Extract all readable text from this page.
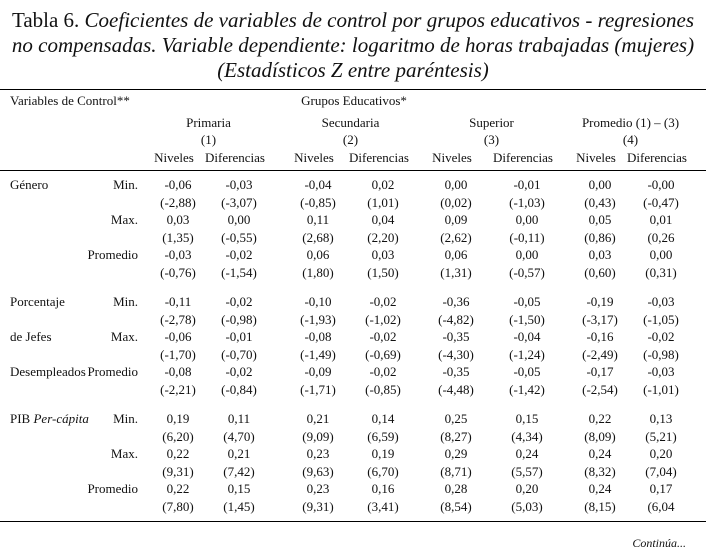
Tabla 6. Coeficientes de variables de control por grupos educativos - regresiones
no compensadas. Variable dependiente: logaritmo de horas trabajadas (mujeres)
(Estadísticos Z entre paréntesis)
Variables de Control**	Grupos Educativos*
Primaria
(1)
Niveles Diferencias
Secundaria
(2)
Niveles Diferencias
Superior
(3)
Niveles Diferencias
Promedio (1) – (3)
(4)
Niveles Diferencias
Género	Min. -0,06
(-2,88)
-0,03
(-3,07)
-0,04
(-0,85)
0,02
(1,01)
0,00
(0,02)
-0,01
(-1,03)
0,00
(0,43)
-0,00
(-0,47)
Max. 0,03
(1,35)
0,00
(-0,55)
0,11
(2,68)
0,04
(2,20)
0,09
(2,62)
0,00
(-0,11)
0,05
(0,86)
0,01
(0,26
Promedio -0,03
(-0,76)
-0,02
(-1,54)
0,06
(1,80)
0,03
(1,50)
0,06
(1,31)
0,00
(-0,57)
0,03
(0,60)
0,00
(0,31)
Porcentaje
de Jefes
Desempleados
Min. -0,11
(-2,78)
-0,02
(-0,98)
-0,10
(-1,93)
-0,02
(-1,02)
-0,36
(-4,82)
-0,05
(-1,50)
-0,19
(-3,17)
-0,03
(-1,05)
Max. -0,06
(-1,70)
-0,01
(-0,70)
-0,08
(-1,49)
-0,02
(-0,69)
-0,35
(-4,30)
-0,04
(-1,24)
-0,16
(-2,49)
-0,02
(-0,98)
Promedio -0,08
(-2,21)
-0,02
(-0,84)
-0,09
(-1,71)
-0,02
(-0,85)
-0,35
(-4,48)
-0,05
(-1,42)
-0,17
(-2,54)
-0,03
(-1,01)
PIB Per-cápita Min. 0,19
(6,20)
0,11
(4,70)
0,21
(9,09)
0,14
(6,59)
0,25
(8,27)
0,15
(4,34)
0,22
(8,09)
0,13
(5,21)
Max. 0,22
(9,31)
0,21
(7,42)
0,23
(9,63)
0,19
(6,70)
0,29
(8,71)
0,24
(5,57)
0,24
(8,32)
0,20
(7,04)
Promedio 0,22
(7,80)
0,15
(1,45)
0,23
(9,31)
0,16
(3,41)
0,28
(8,54)
0,20
(5,03)
0,24
(8,15)
0,17
(6,04
Continúa...
